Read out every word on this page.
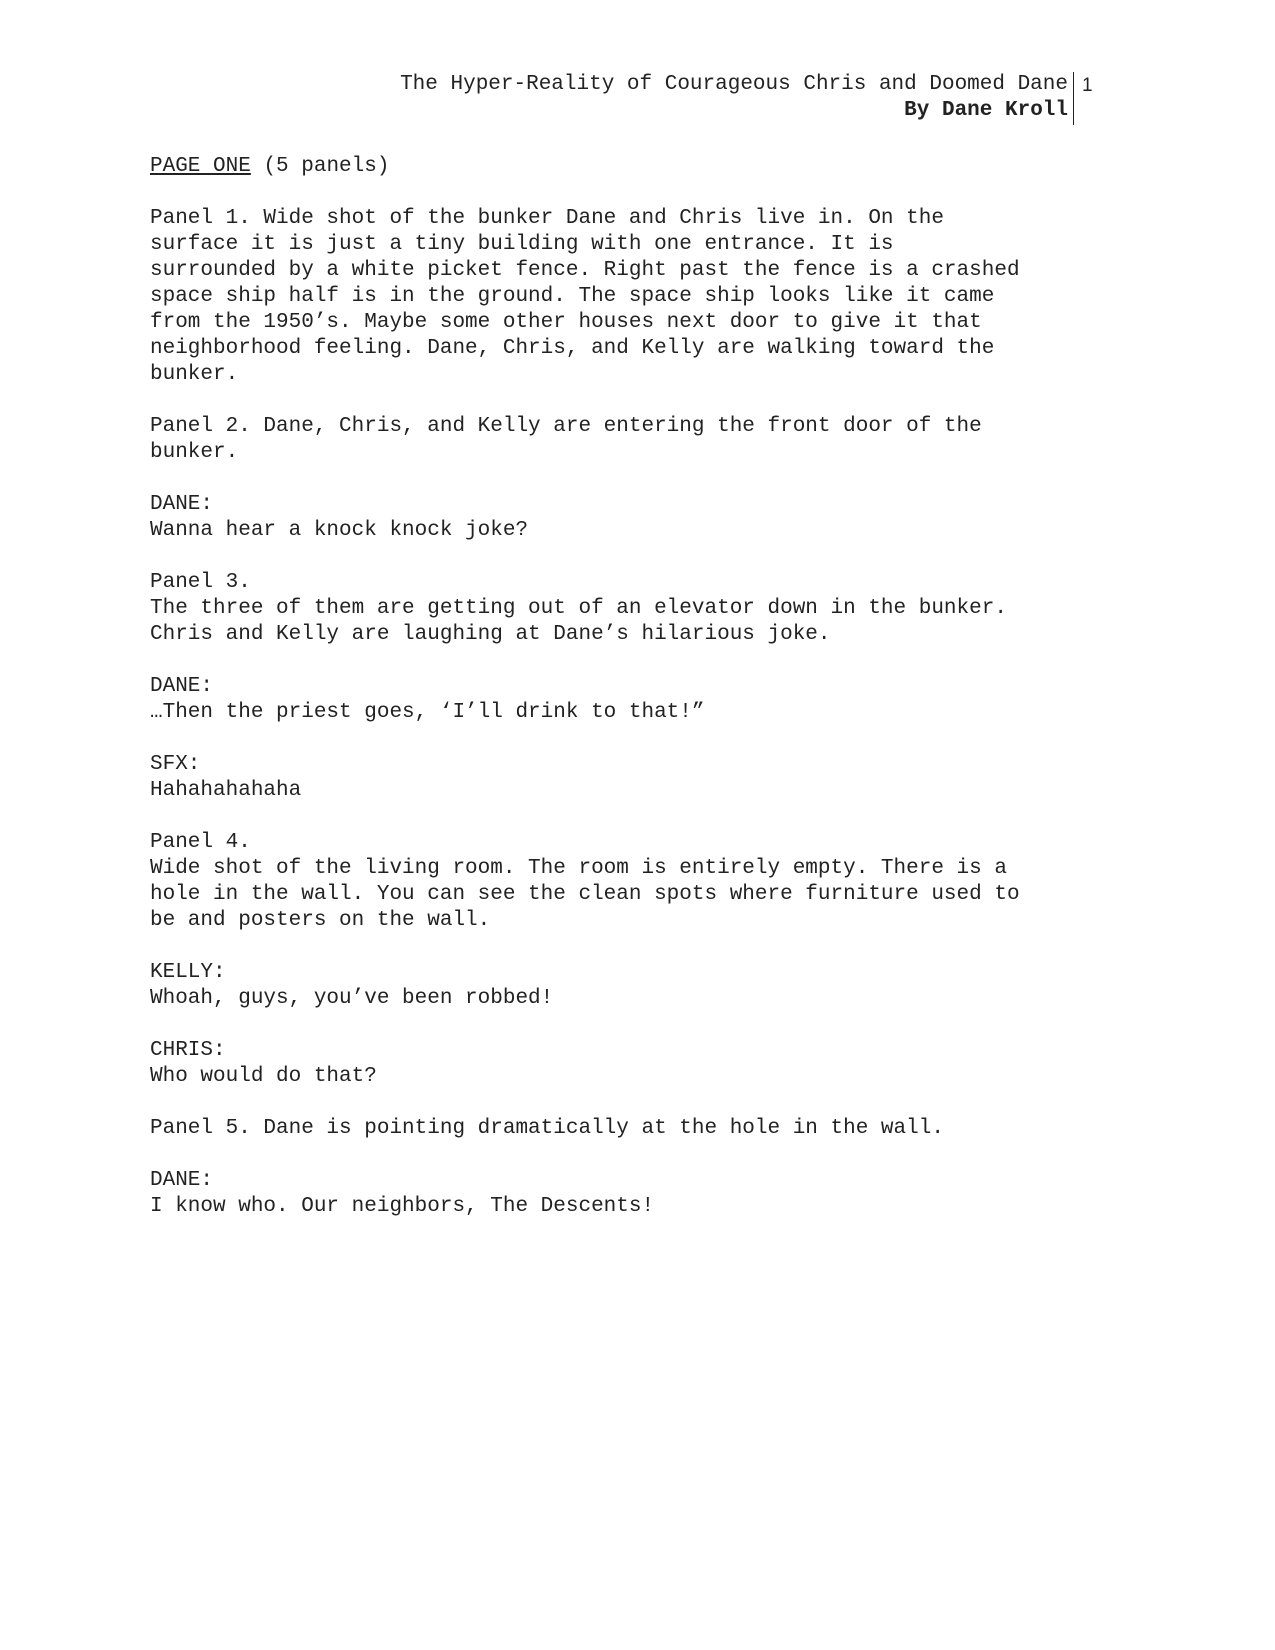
The Hyper-Reality of Courageous Chris and Doomed Dane
By Dane Kroll
1
PAGE ONE (5 panels)
Panel 1. Wide shot of the bunker Dane and Chris live in. On the
surface it is just a tiny building with one entrance. It is
surrounded by a white picket fence. Right past the fence is a crashed
space ship half is in the ground. The space ship looks like it came
from the 1950’s. Maybe some other houses next door to give it that
neighborhood feeling. Dane, Chris, and Kelly are walking toward the
bunker.
Panel 2. Dane, Chris, and Kelly are entering the front door of the
bunker.
DANE:
Wanna hear a knock knock joke?
Panel 3.
The three of them are getting out of an elevator down in the bunker.
Chris and Kelly are laughing at Dane’s hilarious joke.
DANE:
…Then the priest goes, ‘I’ll drink to that!”
SFX:
Hahahahahaha
Panel 4.
Wide shot of the living room. The room is entirely empty. There is a
hole in the wall. You can see the clean spots where furniture used to
be and posters on the wall.
KELLY:
Whoah, guys, you’ve been robbed!
CHRIS:
Who would do that?
Panel 5. Dane is pointing dramatically at the hole in the wall.
DANE:
I know who. Our neighbors, The Descents!
